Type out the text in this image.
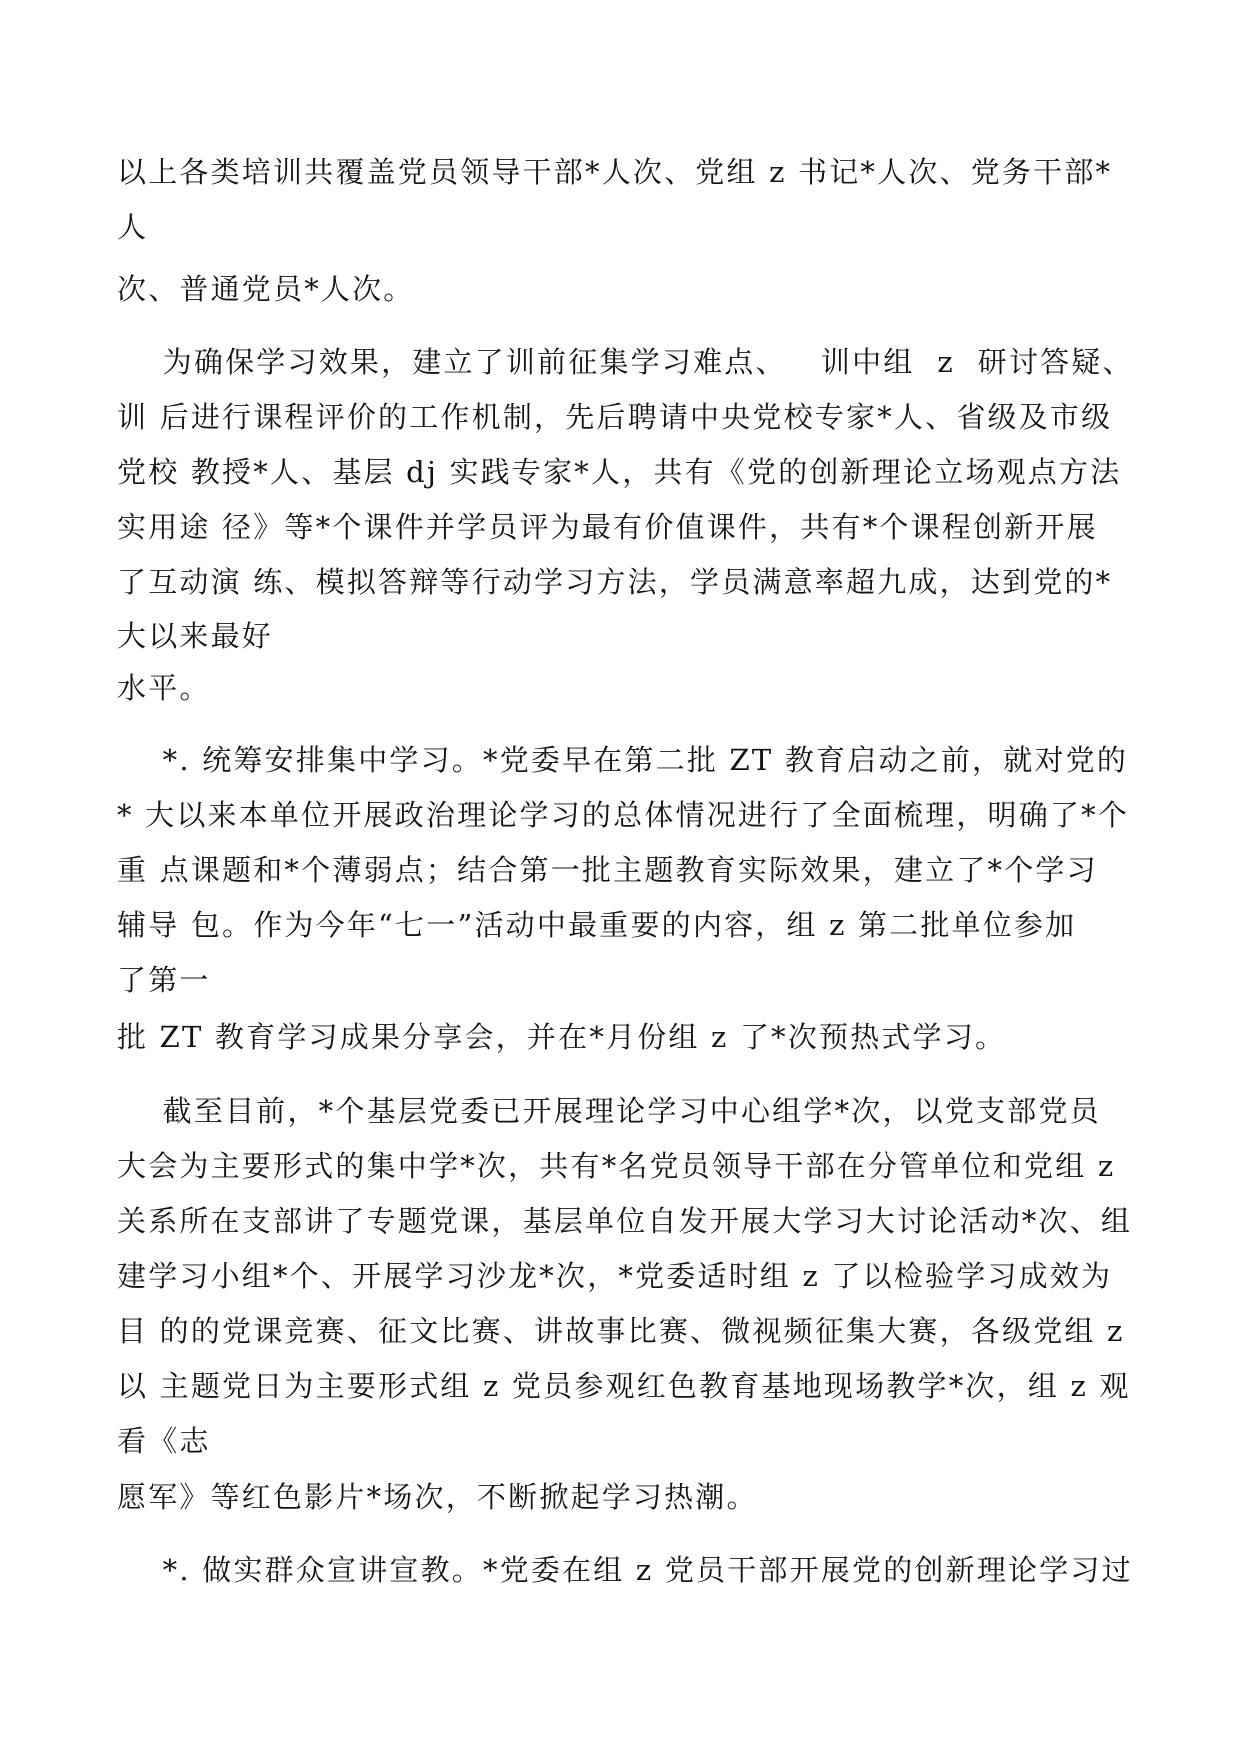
以上各类培训共覆盖党员领导干部*人次、党组 z 书记*人次、党务干部*
人
次、普通党员*人次。
为确保学习效果，建立了训前征集学习难点、   训中组  z  研讨答疑、
训 后进行课程评价的工作机制，先后聘请中央党校专家*人、省级及市级
党校 教授*人、基层 dj 实践专家*人，共有《党的创新理论立场观点方法
实用途 径》等*个课件并学员评为最有价值课件，共有*个课程创新开展
了互动演 练、模拟答辩等行动学习方法，学员满意率超九成，达到党的*
大以来最好
水平。
*. 统筹安排集中学习。*党委早在第二批 ZT 教育启动之前，就对党的
* 大以来本单位开展政治理论学习的总体情况进行了全面梳理，明确了*个
重 点课题和*个薄弱点；结合第一批主题教育实际效果，建立了*个学习
辅导 包。作为今年“七一”活动中最重要的内容，组 z 第二批单位参加
了第一
批 ZT 教育学习成果分享会，并在*月份组 z 了*次预热式学习。
截至目前，*个基层党委已开展理论学习中心组学*次，以党支部党员
大会为主要形式的集中学*次，共有*名党员领导干部在分管单位和党组 z
关系所在支部讲了专题党课，基层单位自发开展大学习大讨论活动*次、组
建学习小组*个、开展学习沙龙*次，*党委适时组 z 了以检验学习成效为
目 的的党课竞赛、征文比赛、讲故事比赛、微视频征集大赛，各级党组 z
以 主题党日为主要形式组 z 党员参观红色教育基地现场教学*次，组 z 观
看《志
愿军》等红色影片*场次，不断掀起学习热潮。
*. 做实群众宣讲宣教。*党委在组 z 党员干部开展党的创新理论学习过
